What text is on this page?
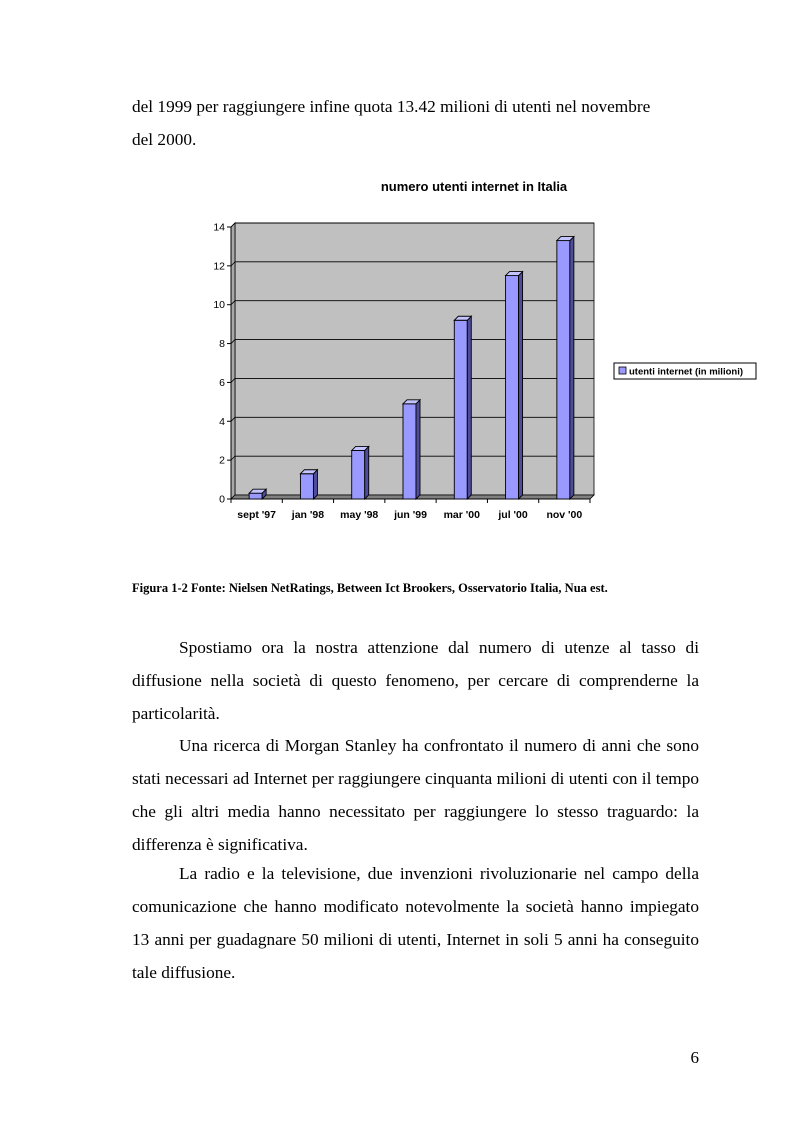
del 1999 per raggiungere infine quota 13.42 milioni di utenti nel novembre
del 2000.
numero utenti internet in Italia
0
2
4
6
8
10
12
14
sept '97 jan '98 may '98 jun '99 mar '00 jul '00 nov '00
utenti internet (in milioni)

Figura 1-2 Fonte: Nielsen NetRatings, Between Ict Brookers, Osservatorio Italia, Nua est.

Spostiamo ora la nostra attenzione dal numero di utenze al tasso di diffusione nella società di questo fenomeno, per cercare di comprenderne la particolarità.

Una ricerca di Morgan Stanley ha confrontato il numero di anni che sono stati necessari ad Internet per raggiungere cinquanta milioni di utenti con il tempo che gli altri media hanno necessitato per raggiungere lo stesso traguardo: la differenza è significativa.

La radio e la televisione, due invenzioni rivoluzionarie nel campo della comunicazione che hanno modificato notevolmente la società hanno impiegato 13 anni per guadagnare 50 milioni di utenti, Internet in soli 5 anni ha conseguito tale diffusione.

6
